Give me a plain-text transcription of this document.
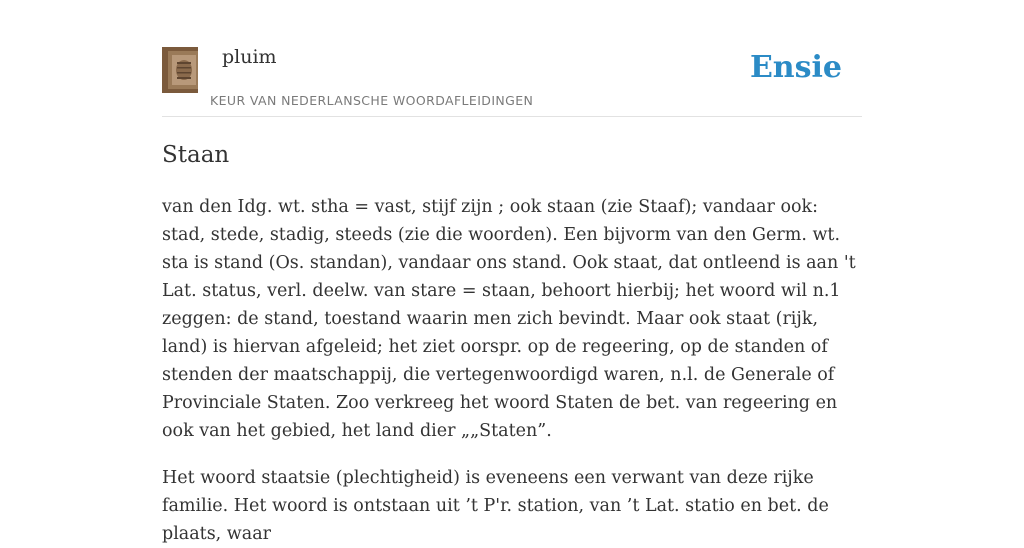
pluim
KEUR VAN NEDERLANSCHE WOORDAFLEIDINGEN
Ensie
Staan

van den Idg. wt. stha = vast, stijf zijn ; ook staan (zie Staaf); vandaar ook: stad, stede, stadig, steeds (zie die woorden). Een bijvorm van den Germ. wt. sta is stand (Os. standan), vandaar ons stand. Ook staat, dat ontleend is aan 't Lat. status, verl. deelw. van stare = staan, behoort hierbij; het woord wil n.1 zeggen: de stand, toestand waarin men zich bevindt. Maar ook staat (rijk, land) is hiervan afgeleid; het ziet oorspr. op de regeering, op de standen of stenden der maatschappij, die vertegenwoordigd waren, n.l. de Generale of Provinciale Staten. Zoo verkreeg het woord Staten de bet. van regeering en ook van het gebied, het land dier „„Staten”.

Het woord staatsie (plechtigheid) is eveneens een verwant van deze rijke familie. Het woord is ontstaan uit ’t P'r. station, van ’t Lat. statio en bet. de plaats, waar
